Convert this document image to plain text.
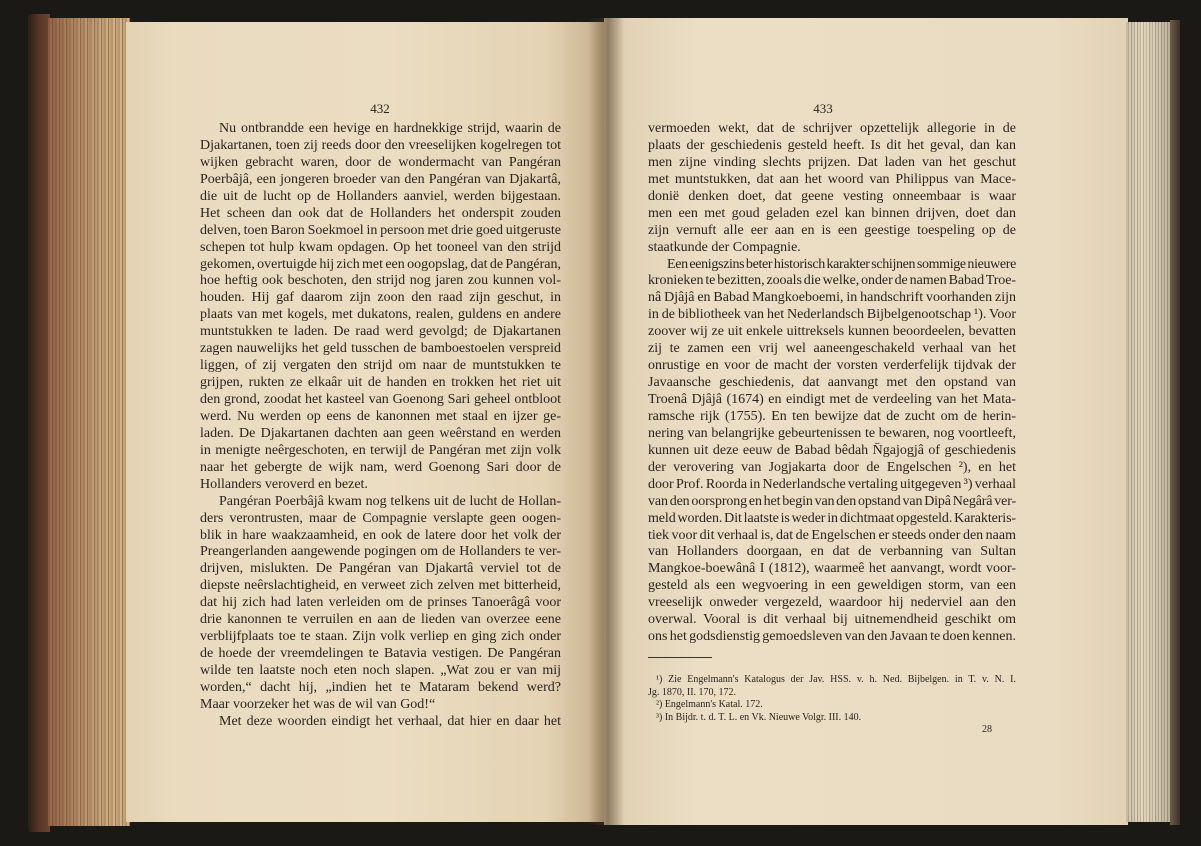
432	433
Nu ontbrandde een hevige en hardnekkige strijd, waarin de
Djakartanen, toen zij reeds door den vreeselijken kogelregen tot
wijken gebracht waren, door de wondermacht van Pangéran
Poerbâjâ, een jongeren broeder van den Pangéran van Djakartâ,
die uit de lucht op de Hollanders aanviel, werden bijgestaan.
Het scheen dan ook dat de Hollanders het onderspit zouden
delven, toen Baron Soekmoel in persoon met drie goed uitgeruste
schepen tot hulp kwam opdagen. Op het tooneel van den strijd
gekomen, overtuigde hij zich met een oogopslag, dat de Pangéran,
hoe heftig ook beschoten, den strijd nog jaren zou kunnen vol-
houden. Hij gaf daarom zijn zoon den raad zijn geschut, in
plaats van met kogels, met dukatons, realen, guldens en andere
muntstukken te laden. De raad werd gevolgd; de Djakartanen
zagen nauwelijks het geld tusschen de bamboestoelen verspreid
liggen, of zij vergaten den strijd om naar de muntstukken te
grijpen, rukten ze elkaâr uit de handen en trokken het riet uit
den grond, zoodat het kasteel van Goenong Sari geheel ontbloot
werd. Nu werden op eens de kanonnen met staal en ijzer ge-
laden. De Djakartanen dachten aan geen weêrstand en werden
in menigte neêrgeschoten, en terwijl de Pangéran met zijn volk
naar het gebergte de wijk nam, werd Goenong Sari door de
Hollanders veroverd en bezet.
Pangéran Poerbâjâ kwam nog telkens uit de lucht de Hollan-
ders verontrusten, maar de Compagnie verslapte geen oogen-
blik in hare waakzaamheid, en ook de latere door het volk der
Preangerlanden aangewende pogingen om de Hollanders te ver-
drijven, mislukten. De Pangéran van Djakartâ verviel tot de
diepste neêrslachtigheid, en verweet zich zelven met bitterheid,
dat hij zich had laten verleiden om de prinses Tanoerâgâ voor
drie kanonnen te verruilen en aan de lieden van overzee eene
verblijfplaats toe te staan. Zijn volk verliep en ging zich onder
de hoede der vreemdelingen te Batavia vestigen. De Pangéran
wilde ten laatste noch eten noch slapen. „Wat zou er van mij
worden,“ dacht hij, „indien het te Mataram bekend werd?
Maar voorzeker het was de wil van God!“
Met deze woorden eindigt het verhaal, dat hier en daar het
vermoeden wekt, dat de schrijver opzettelijk allegorie in de
plaats der geschiedenis gesteld heeft. Is dit het geval, dan kan
men zijne vinding slechts prijzen. Dat laden van het geschut
met muntstukken, dat aan het woord van Philippus van Mace-
donië denken doet, dat geene vesting onneembaar is waar
men een met goud geladen ezel kan binnen drijven, doet dan
zijn vernuft alle eer aan en is een geestige toespeling op de
staatkunde der Compagnie.
Een eenigszins beter historisch karakter schijnen sommige nieuwere
kronieken te bezitten, zooals die welke, onder de namen Babad Troe-
nâ Djâjâ en Babad Mangkoeboemi, in handschrift voorhanden zijn
in de bibliotheek van het Nederlandsch Bijbelgenootschap ¹). Voor
zoover wij ze uit enkele uittreksels kunnen beoordeelen, bevatten
zij te zamen een vrij wel aaneengeschakeld verhaal van het
onrustige en voor de macht der vorsten verderfelijk tijdvak der
Javaansche geschiedenis, dat aanvangt met den opstand van
Troenâ Djâjâ (1674) en eindigt met de verdeeling van het Mata-
ramsche rijk (1755). En ten bewijze dat de zucht om de herin-
nering van belangrijke gebeurtenissen te bewaren, nog voortleeft,
kunnen uit deze eeuw de Babad bêdah N̄gajogjâ of geschiedenis
der verovering van Jogjakarta door de Engelschen ²), en het
door Prof. Roorda in Nederlandsche vertaling uitgegeven ³) verhaal
van den oorsprong en het begin van den opstand van Dipâ Negârâ ver-
meld worden. Dit laatste is weder in dichtmaat opgesteld. Karakteris-
tiek voor dit verhaal is, dat de Engelschen er steeds onder den naam
van Hollanders doorgaan, en dat de verbanning van Sultan
Mangkoe-boewânâ I (1812), waarmeê het aanvangt, wordt voor-
gesteld als een wegvoering in een geweldigen storm, van een
vreeselijk onweder vergezeld, waardoor hij nederviel aan den
overwal. Vooral is dit verhaal bij uitnemendheid geschikt om
ons het godsdienstig gemoedsleven van den Javaan te doen kennen.
¹) Zie Engelmann's Katalogus der Jav. HSS. v. h. Ned. Bijbelgen. in T. v. N. I.
Jg. 1870, II. 170, 172.
²) Engelmann's Katal. 172.
³) In Bijdr. t. d. T. L. en Vk. Nieuwe Volgr. III. 140.
28
